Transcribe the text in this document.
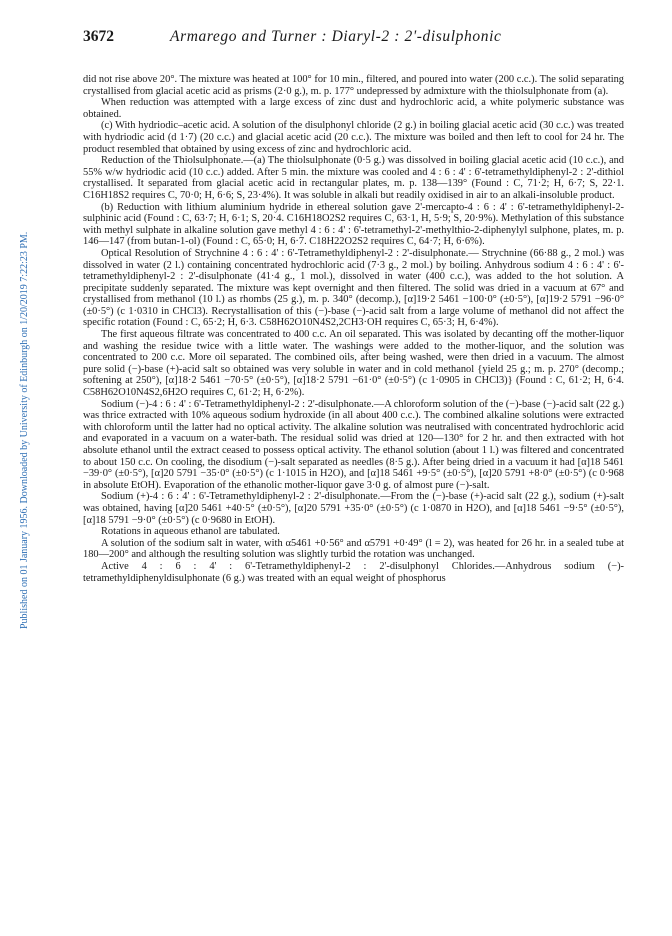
Published on 01 January 1956. Downloaded by University of Edinburgh on 1/20/2019 7:22:23 PM.
3672	Armarego and Turner : Diaryl-2 : 2'-disulphonic

did not rise above 20°. The mixture was heated at 100° for 10 min., filtered, and poured into water (200 c.c.). The solid separating crystallised from glacial acetic acid as prisms (2·0 g.), m. p. 177° undepressed by admixture with the thiolsulphonate from (a).

When reduction was attempted with a large excess of zinc dust and hydrochloric acid, a white polymeric substance was obtained.

(c) With hydriodic–acetic acid. A solution of the disulphonyl chloride (2 g.) in boiling glacial acetic acid (30 c.c.) was treated with hydriodic acid (d 1·7) (20 c.c.) and glacial acetic acid (20 c.c.). The mixture was boiled and then left to cool for 24 hr. The product resembled that obtained by using excess of zinc and hydrochloric acid.

Reduction of the Thiolsulphonate.—(a) The thiolsulphonate (0·5 g.) was dissolved in boiling glacial acetic acid (10 c.c.), and 55% w/w hydriodic acid (10 c.c.) added. After 5 min. the mixture was cooled and 4 : 6 : 4' : 6'-tetramethyldiphenyl-2 : 2'-dithiol crystallised. It separated from glacial acetic acid in rectangular plates, m. p. 138—139° (Found : C, 71·2; H, 6·7; S, 22·1. C16H18S2 requires C, 70·0; H, 6·6; S, 23·4%). It was soluble in alkali but readily oxidised in air to an alkali-insoluble product.

(b) Reduction with lithium aluminium hydride in ethereal solution gave 2'-mercapto-4 : 6 : 4' : 6'-tetramethyldiphenyl-2-sulphinic acid (Found : C, 63·7; H, 6·1; S, 20·4. C16H18O2S2 requires C, 63·1, H, 5·9; S, 20·9%). Methylation of this substance with methyl sulphate in alkaline solution gave methyl 4 : 6 : 4' : 6'-tetramethyl-2'-methylthio-2-diphenylyl sulphone, plates, m. p. 146—147 (from butan-1-ol) (Found : C, 65·0; H, 6·7. C18H22O2S2 requires C, 64·7; H, 6·6%).

Optical Resolution of Strychnine 4 : 6 : 4' : 6'-Tetramethyldiphenyl-2 : 2'-disulphonate.— Strychnine (66·88 g., 2 mol.) was dissolved in water (2 l.) containing concentrated hydrochloric acid (7·3 g., 2 mol.) by boiling. Anhydrous sodium 4 : 6 : 4' : 6'-tetramethyldiphenyl-2 : 2'-disulphonate (41·4 g., 1 mol.), dissolved in water (400 c.c.), was added to the hot solution. A precipitate suddenly separated. The mixture was kept overnight and then filtered. The solid was dried in a vacuum at 67° and crystallised from methanol (10 l.) as rhombs (25 g.), m. p. 340° (decomp.), [α]19·2 5461 −100·0° (±0·5°), [α]19·2 5791 −96·0° (±0·5°) (c 1·0310 in CHCl3). Recrystallisation of this (−)-base (−)-acid salt from a large volume of methanol did not affect the specific rotation (Found : C, 65·2; H, 6·3. C58H62O10N4S2,2CH3·OH requires C, 65·3; H, 6·4%).

The first aqueous filtrate was concentrated to 400 c.c. An oil separated. This was isolated by decanting off the mother-liquor and washing the residue twice with a little water. The washings were added to the mother-liquor, and the solution was concentrated to 200 c.c. More oil separated. The combined oils, after being washed, were then dried in a vacuum. The almost pure solid (−)-base (+)-acid salt so obtained was very soluble in water and in cold methanol {yield 25 g.; m. p. 270° (decomp.; softening at 250°), [α]18·2 5461 −70·5° (±0·5°), [α]18·2 5791 −61·0° (±0·5°) (c 1·0905 in CHCl3)} (Found : C, 61·2; H, 6·4. C58H62O10N4S2,6H2O requires C, 61·2; H, 6·2%).

Sodium (−)-4 : 6 : 4' : 6'-Tetramethyldiphenyl-2 : 2'-disulphonate.—A chloroform solution of the (−)-base (−)-acid salt (22 g.) was thrice extracted with 10% aqueous sodium hydroxide (in all about 400 c.c.). The combined alkaline solutions were extracted with chloroform until the latter had no optical activity. The alkaline solution was neutralised with concentrated hydrochloric acid and evaporated in a vacuum on a water-bath. The residual solid was dried at 120—130° for 2 hr. and then extracted with hot absolute ethanol until the extract ceased to possess optical activity. The ethanol solution (about 1 l.) was filtered and concentrated to about 150 c.c. On cooling, the disodium (−)-salt separated as needles (8·5 g.). After being dried in a vacuum it had [α]18 5461 −39·0° (±0·5°), [α]20 5791 −35·0° (±0·5°) (c 1·1015 in H2O), and [α]18 5461 +9·5° (±0·5°), [α]20 5791 +8·0° (±0·5°) (c 0·968 in absolute EtOH). Evaporation of the ethanolic mother-liquor gave 3·0 g. of almost pure (−)-salt.

Sodium (+)-4 : 6 : 4' : 6'-Tetramethyldiphenyl-2 : 2'-disulphonate.—From the (−)-base (+)-acid salt (22 g.), sodium (+)-salt was obtained, having [α]20 5461 +40·5° (±0·5°), [α]20 5791 +35·0° (±0·5°) (c 1·0870 in H2O), and [α]18 5461 −9·5° (±0·5°), [α]18 5791 −9·0° (±0·5°) (c 0·9680 in EtOH).

Rotations in aqueous ethanol are tabulated.

A solution of the sodium salt in water, with α5461 +0·56° and α5791 +0·49° (l = 2), was heated for 26 hr. in a sealed tube at 180—200° and although the resulting solution was slightly turbid the rotation was unchanged.

Active 4 : 6 : 4' : 6'-Tetramethyldiphenyl-2 : 2'-disulphonyl Chlorides.—Anhydrous sodium (−)-tetramethyldiphenyldisulphonate (6 g.) was treated with an equal weight of phosphorus
